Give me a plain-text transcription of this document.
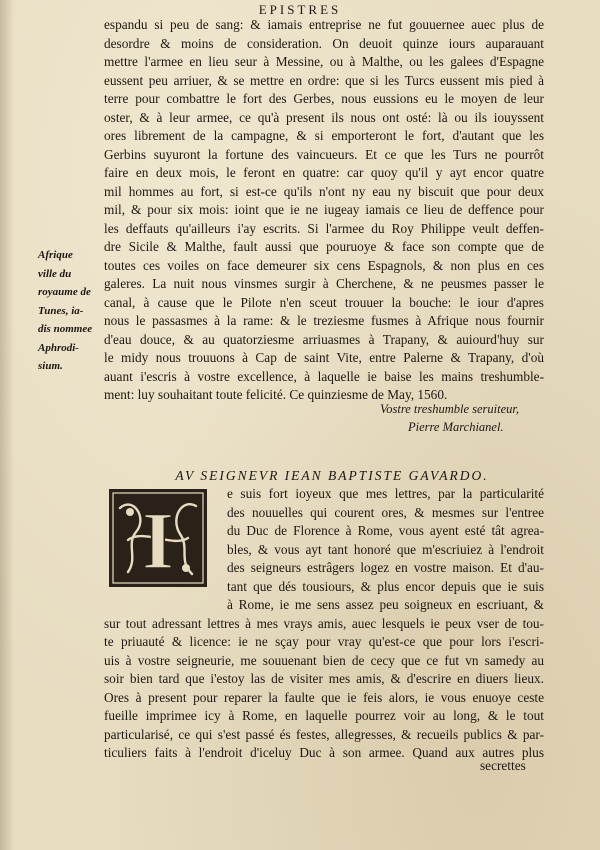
EPISTRES
espandu si peu de sang: & iamais entreprise ne fut gouuernee auec plus de
desordre & moins de consideration. On deuoit quinze iours auparauant
mettre l'armee en lieu seur à Messine, ou à Malthe, ou les galees d'Espagne
eussent peu arriuer, & se mettre en ordre: que si les Turcs eussent mis pied à
terre pour combattre le fort des Gerbes, nous eussions eu le moyen de leur
oster, & à leur armee, ce qu'à present ils nous ont osté: là ou ils iouyssent
ores librement de la campagne, & si emporteront le fort, d'autant que les
Gerbins suyuront la fortune des vaincueurs. Et ce que les Turs ne pourrôt
faire en deux mois, le feront en quatre: car quoy qu'il y ayt encor quatre
mil hommes au fort, si est-ce qu'ils n'ont ny eau ny biscuit que pour deux
mil, & pour six mois: ioint que ie ne iugeay iamais ce lieu de deffence pour
les deffauts qu'ailleurs i'ay escrits. Si l'armee du Roy Philippe veult deffen-
dre Sicile & Malthe, fault aussi que pouruoye & face son compte que de
toutes ces voiles on face demeurer six cens Espagnols, & non plus en ces
galeres. La nuit nous vinsmes surgir à Cherchene, & ne peusmes passer le
canal, à cause que le Pilote n'en sceut trouuer la bouche: le iour d'apres
nous le passasmes à la rame: & le treziesme fusmes à Afrique nous fournir
d'eau douce, & au quatorziesme arriuasmes à Trapany, & auiourd'huy sur
le midy nous trouuons à Cap de saint Vite, entre Palerne & Trapany, d'où
auant i'escris à vostre excellence, à laquelle ie baise les mains treshumble-
ment: luy souhaitant toute felicité. Ce quinziesme de May, 1560.
Afrique
ville du
royaume de
Tunes, ia-
dis nommee
Aphrodi-
sium.
Vostre treshumble seruiteur,
Pierre Marchianel.
AV SEIGNEVR IEAN BAPTISTE GAVARDO.
I
e suis fort ioyeux que mes lettres, par la particularité
des nouuelles qui courent ores, & mesmes sur l'entree
du Duc de Florence à Rome, vous ayent esté tât agrea-
bles, & vous ayt tant honoré que m'escriuiez à l'endroit
des seigneurs estrâgers logez en vostre maison. Et d'au-
tant que dés tousiours, & plus encor depuis que ie suis
à Rome, ie me sens assez peu soigneux en escriuant, &
sur tout adressant lettres à mes vrays amis, auec lesquels ie peux vser de tou-
te priuauté & licence: ie ne sçay pour vray qu'est-ce que pour lors i'escri-
uis à vostre seigneurie, me souuenant bien de cecy que ce fut vn samedy au
soir bien tard que i'estoy las de visiter mes amis, & d'escrire en diuers lieux.
Ores à present pour reparer la faulte que ie feis alors, ie vous enuoye ceste
fueille imprimee icy à Rome, en laquelle pourrez voir au long, & le tout
particularisé, ce qui s'est passé és festes, allegresses, & recueils publics & par-
ticuliers faits à l'endroit d'iceluy Duc à son armee. Quand aux autres plus
secrettes
